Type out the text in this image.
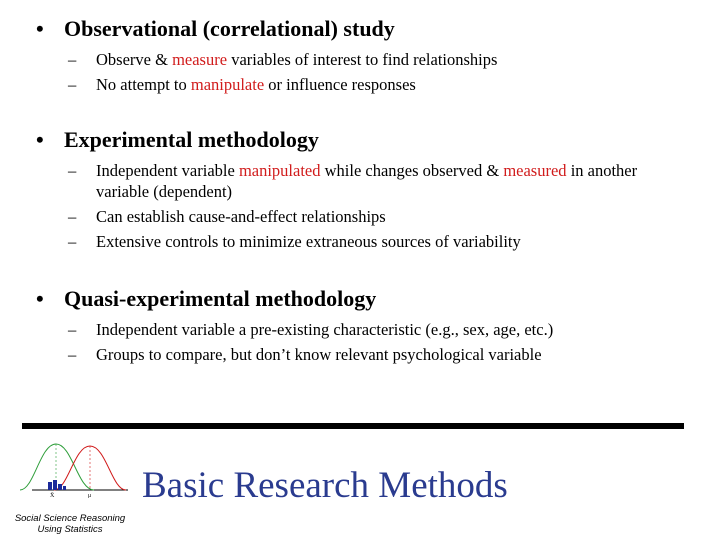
• Observational (correlational) study
– Observe & measure variables of interest to find relationships
– No attempt to manipulate or influence responses
• Experimental methodology
– Independent variable manipulated while changes observed & measured in another variable (dependent)
– Can establish cause-and-effect relationships
– Extensive controls to minimize extraneous sources of variability
• Quasi-experimental methodology
– Independent variable a pre-existing characteristic (e.g., sex, age, etc.)
– Groups to compare, but don’t know relevant psychological variable
X̄	μ
Social Science Reasoning
Using Statistics
Basic Research Methods
